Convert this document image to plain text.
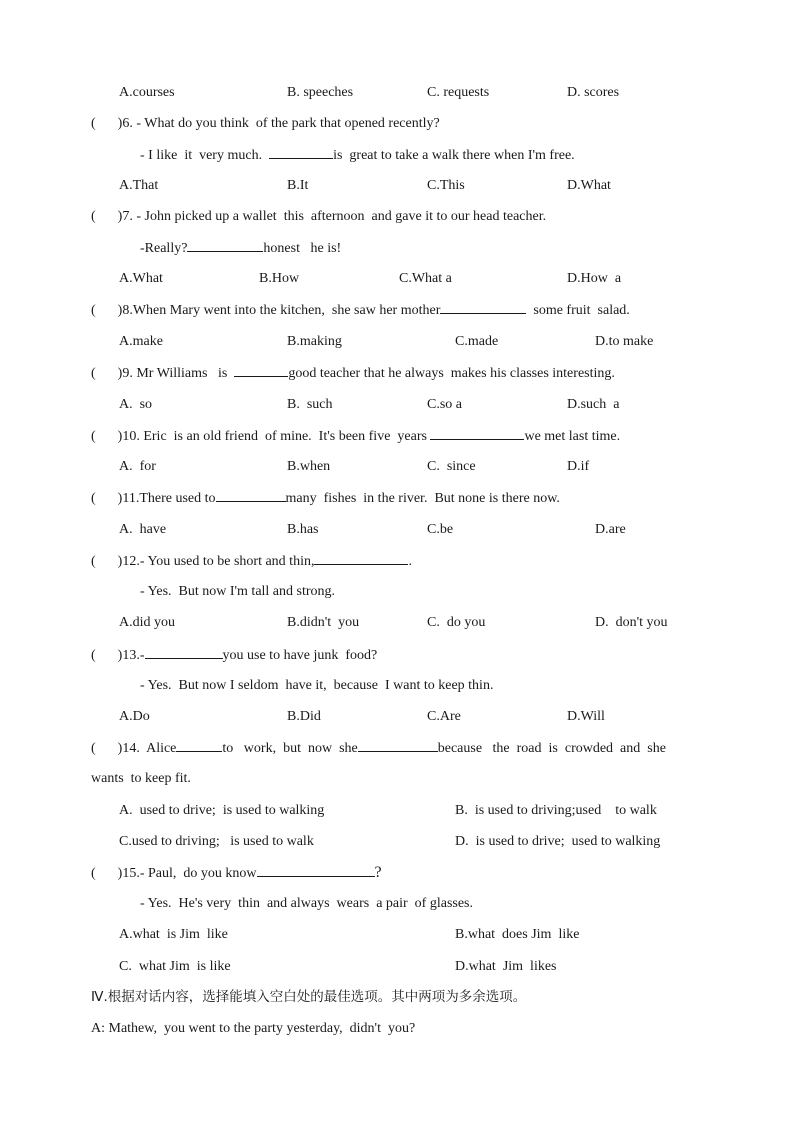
A.courses	B. speeches	C. requests	D. scores
( )6. - What do you think  of the park that opened recently?
- I like  it  very much.	is  great to take a walk there when I'm free.
A.That	B.It	C.This	D.What
( )7. - John picked up a wallet  this  afternoon  and gave it to our head teacher.
-Really?	honest   he is!
A.What	B.How	C.What a	D.How  a
( )8.When Mary went into the kitchen,  she saw her mother	some fruit  salad.
A.make	B.making	C.made	D.to make
( )9. Mr Williams   is	good teacher that he always  makes his classes interesting.
A.  so	B.  such	C.so a	D.such  a
( )10. Eric  is an old friend  of mine.  It's been five  years	we met last time.
A.  for	B.when	C.  since	D.if
( )11.There used to	many  fishes  in the river.  But none is there now.
A.  have	B.has	C.be	D.are
( )12.- You used to be short and thin,	.
- Yes.  But now I'm tall and strong.
A.did you	B.didn't  you	C.  do you	D.  don't you
( )13.-	you use to have junk  food?
- Yes.  But now I seldom  have it,  because  I want to keep thin.
A.Do	B.Did	C.Are	D.Will
( )14.  Alice	to   work,  but  now  she	because   the  road  is  crowded  and  she
wants  to keep fit.
A.  used to drive;  is used to walking	B.  is used to driving;used    to walk
C.used to driving;   is used to walk	D.  is used to drive;  used to walking
( )15.- Paul,  do you know	?
- Yes.  He's very  thin  and always  wears  a pair  of glasses.
A.what  is Jim  like	B.what  does Jim  like
C.  what Jim  is like	D.what  Jim  likes
Ⅳ.根据对话内容，选择能填入空白处的最佳选项。其中两项为多余选项。
A: Mathew,  you went to the party yesterday,  didn't  you?
